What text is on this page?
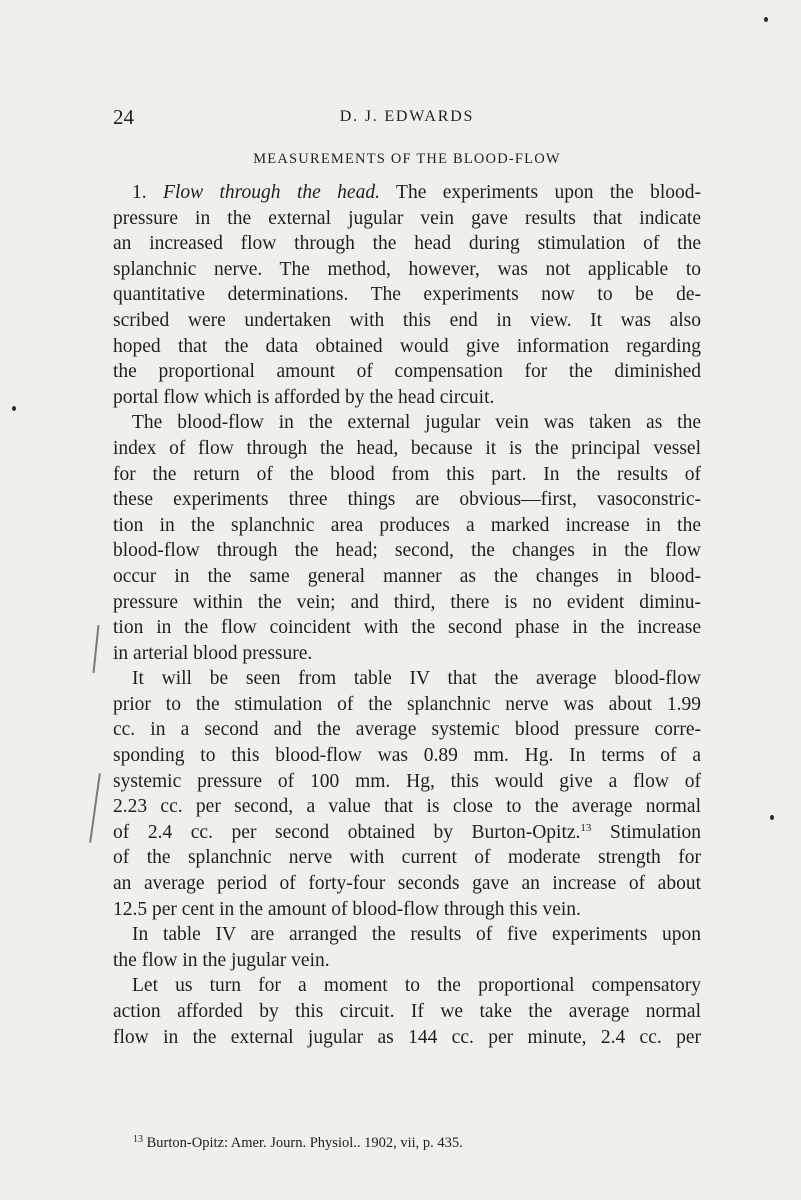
24	D. J. EDWARDS
MEASUREMENTS OF THE BLOOD-FLOW
1. Flow through the head. The experiments upon the blood-
pressure in the external jugular vein gave results that indicate
an increased flow through the head during stimulation of the
splanchnic nerve. The method, however, was not applicable to
quantitative determinations. The experiments now to be de-
scribed were undertaken with this end in view. It was also
hoped that the data obtained would give information regarding
the proportional amount of compensation for the diminished
portal flow which is afforded by the head circuit.
The blood-flow in the external jugular vein was taken as the
index of flow through the head, because it is the principal vessel
for the return of the blood from this part. In the results of
these experiments three things are obvious—first, vasoconstric-
tion in the splanchnic area produces a marked increase in the
blood-flow through the head; second, the changes in the flow
occur in the same general manner as the changes in blood-
pressure within the vein; and third, there is no evident diminu-
tion in the flow coincident with the second phase in the increase
in arterial blood pressure.
It will be seen from table IV that the average blood-flow
prior to the stimulation of the splanchnic nerve was about 1.99
cc. in a second and the average systemic blood pressure corre-
sponding to this blood-flow was 0.89 mm. Hg. In terms of a
systemic pressure of 100 mm. Hg, this would give a flow of
2.23 cc. per second, a value that is close to the average normal
of 2.4 cc. per second obtained by Burton-Opitz.$^{13}$ Stimulation
of the splanchnic nerve with current of moderate strength for
an average period of forty-four seconds gave an increase of about
12.5 per cent in the amount of blood-flow through this vein.
In table IV are arranged the results of five experiments upon
the flow in the jugular vein.
Let us turn for a moment to the proportional compensatory
action afforded by this circuit. If we take the average normal
flow in the external jugular as 144 cc. per minute, 2.4 cc. per
$^{13}$ Burton-Opitz: Amer. Journ. Physiol.. 1902, vii, p. 435.
